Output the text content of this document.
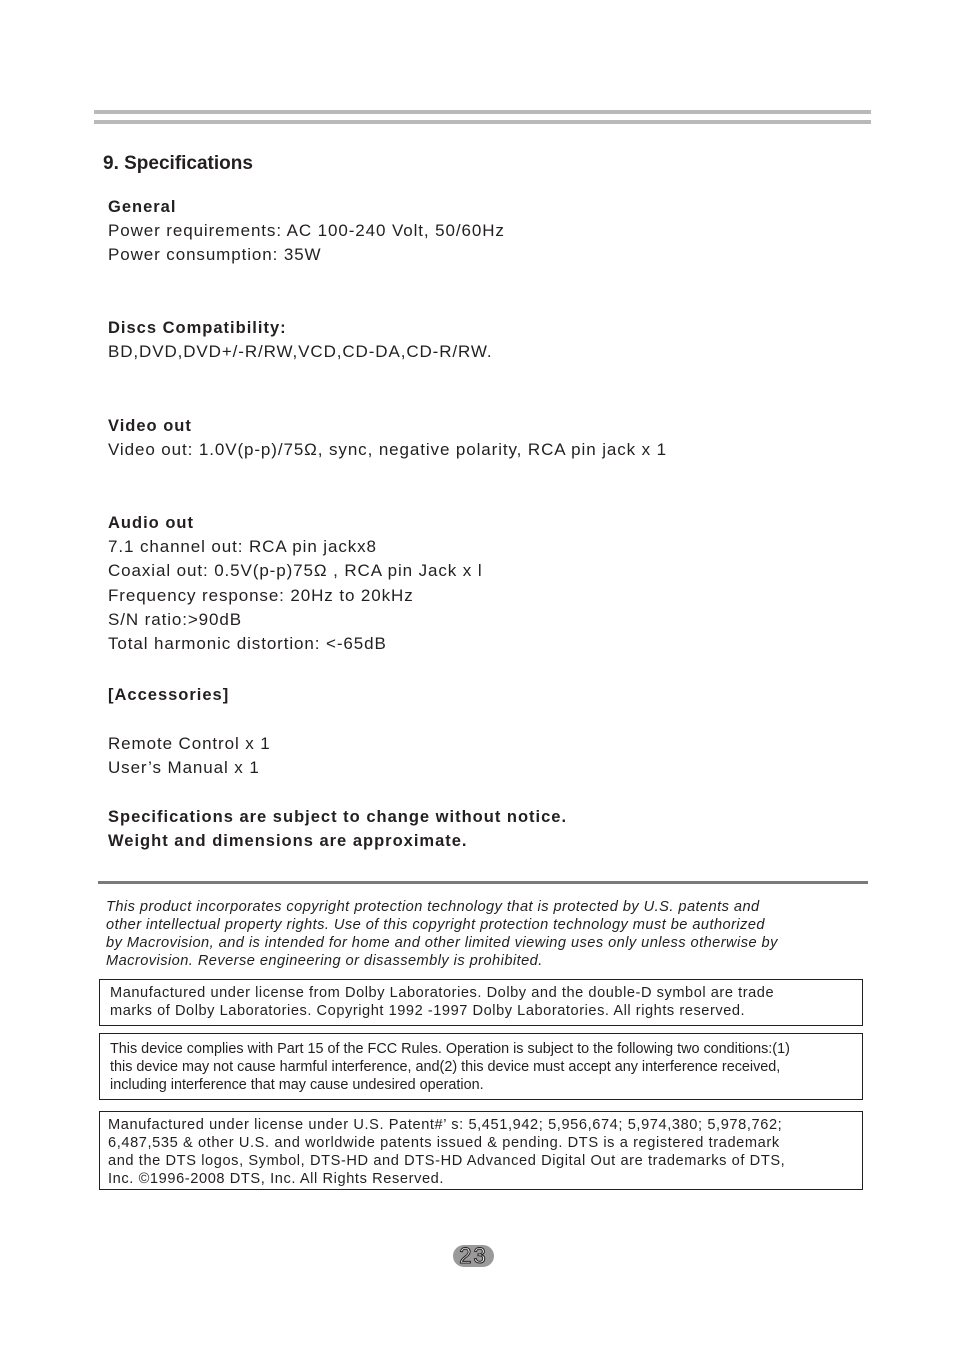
9. Specifications
General
Power requirements: AC 100-240 Volt, 50/60Hz
Power consumption: 35W
Discs Compatibility:
BD,DVD,DVD+/-R/RW,VCD,CD-DA,CD-R/RW.
Video out
Video out: 1.0V(p-p)/75Ω, sync, negative polarity, RCA pin jack x 1
Audio out
7.1 channel out: RCA pin jackx8
Coaxial out: 0.5V(p-p)75Ω , RCA pin Jack x l
Frequency response: 20Hz to 20kHz
S/N ratio:>90dB
Total harmonic distortion: <-65dB
[Accessories]
Remote Control x 1
User’s Manual x 1
Specifications are subject to change without notice.
Weight and dimensions are approximate.
This product incorporates copyright protection technology that is protected by U.S. patents and
other intellectual property rights. Use of this copyright protection technology must be authorized
by Macrovision, and is intended for home and other limited viewing uses only unless otherwise by
Macrovision. Reverse engineering or disassembly is prohibited.
Manufactured under license from Dolby Laboratories. Dolby and the double-D symbol are trade
marks of Dolby Laboratories. Copyright 1992 -1997 Dolby Laboratories. All rights reserved.
This device complies with Part 15 of the FCC Rules. Operation is subject to the following two conditions:(1)
this device may not cause harmful interference, and(2) this device must accept any interference received,
including interference that may cause undesired operation.
Manufactured under license under U.S. Patent#’ s: 5,451,942; 5,956,674; 5,974,380; 5,978,762;
6,487,535 & other U.S. and worldwide patents issued & pending. DTS is a registered trademark
and the DTS logos, Symbol, DTS-HD and DTS-HD Advanced Digital Out are trademarks of DTS,
Inc. ©1996-2008 DTS, Inc. All Rights Reserved.
23
